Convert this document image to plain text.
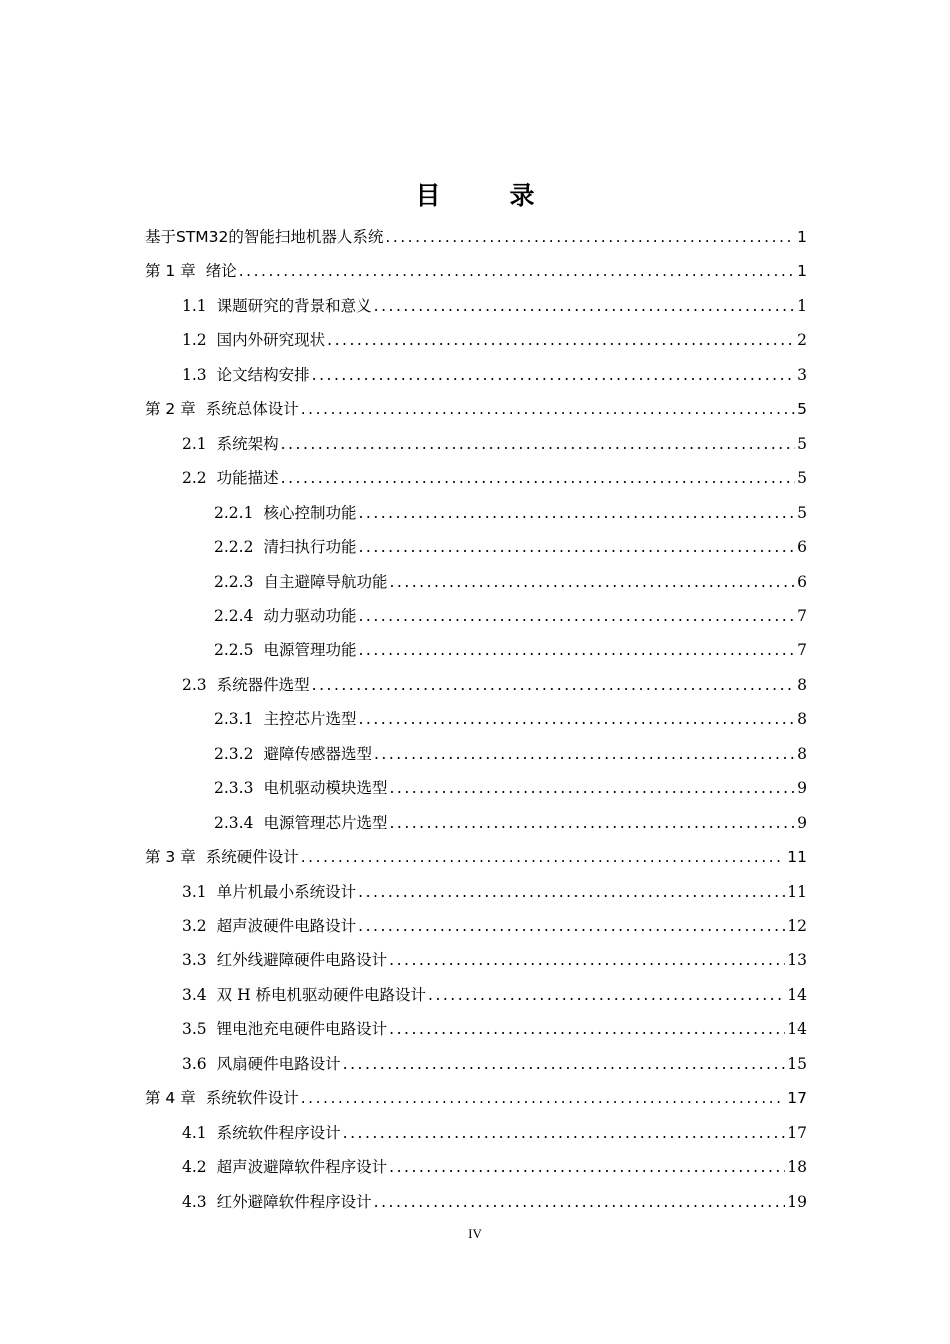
目　录
基于STM32的智能扫地机器人系统 .....	1
第 1 章 绪论 .....	1
1.1 课题研究的背景和意义 .....	1
1.2 国内外研究现状 .....	2
1.3 论文结构安排 .....	3
第 2 章 系统总体设计 .....	5
2.1 系统架构 .....	5
2.2 功能描述 .....	5
2.2.1 核心控制功能 .....	5
2.2.2 清扫执行功能 .....	6
2.2.3 自主避障导航功能 .....	6
2.2.4 动力驱动功能 .....	7
2.2.5 电源管理功能 .....	7
2.3 系统器件选型 .....	8
2.3.1 主控芯片选型 .....	8
2.3.2 避障传感器选型 .....	8
2.3.3 电机驱动模块选型 .....	9
2.3.4 电源管理芯片选型 .....	9
第 3 章 系统硬件设计 .....	11
3.1 单片机最小系统设计 .....	11
3.2 超声波硬件电路设计 .....	12
3.3 红外线避障硬件电路设计 .....	13
3.4 双 H 桥电机驱动硬件电路设计 .....	14
3.5 锂电池充电硬件电路设计 .....	14
3.6 风扇硬件电路设计 .....	15
第 4 章 系统软件设计 .....	17
4.1 系统软件程序设计 .....	17
4.2 超声波避障软件程序设计 .....	18
4.3 红外避障软件程序设计 .....	19
IV
